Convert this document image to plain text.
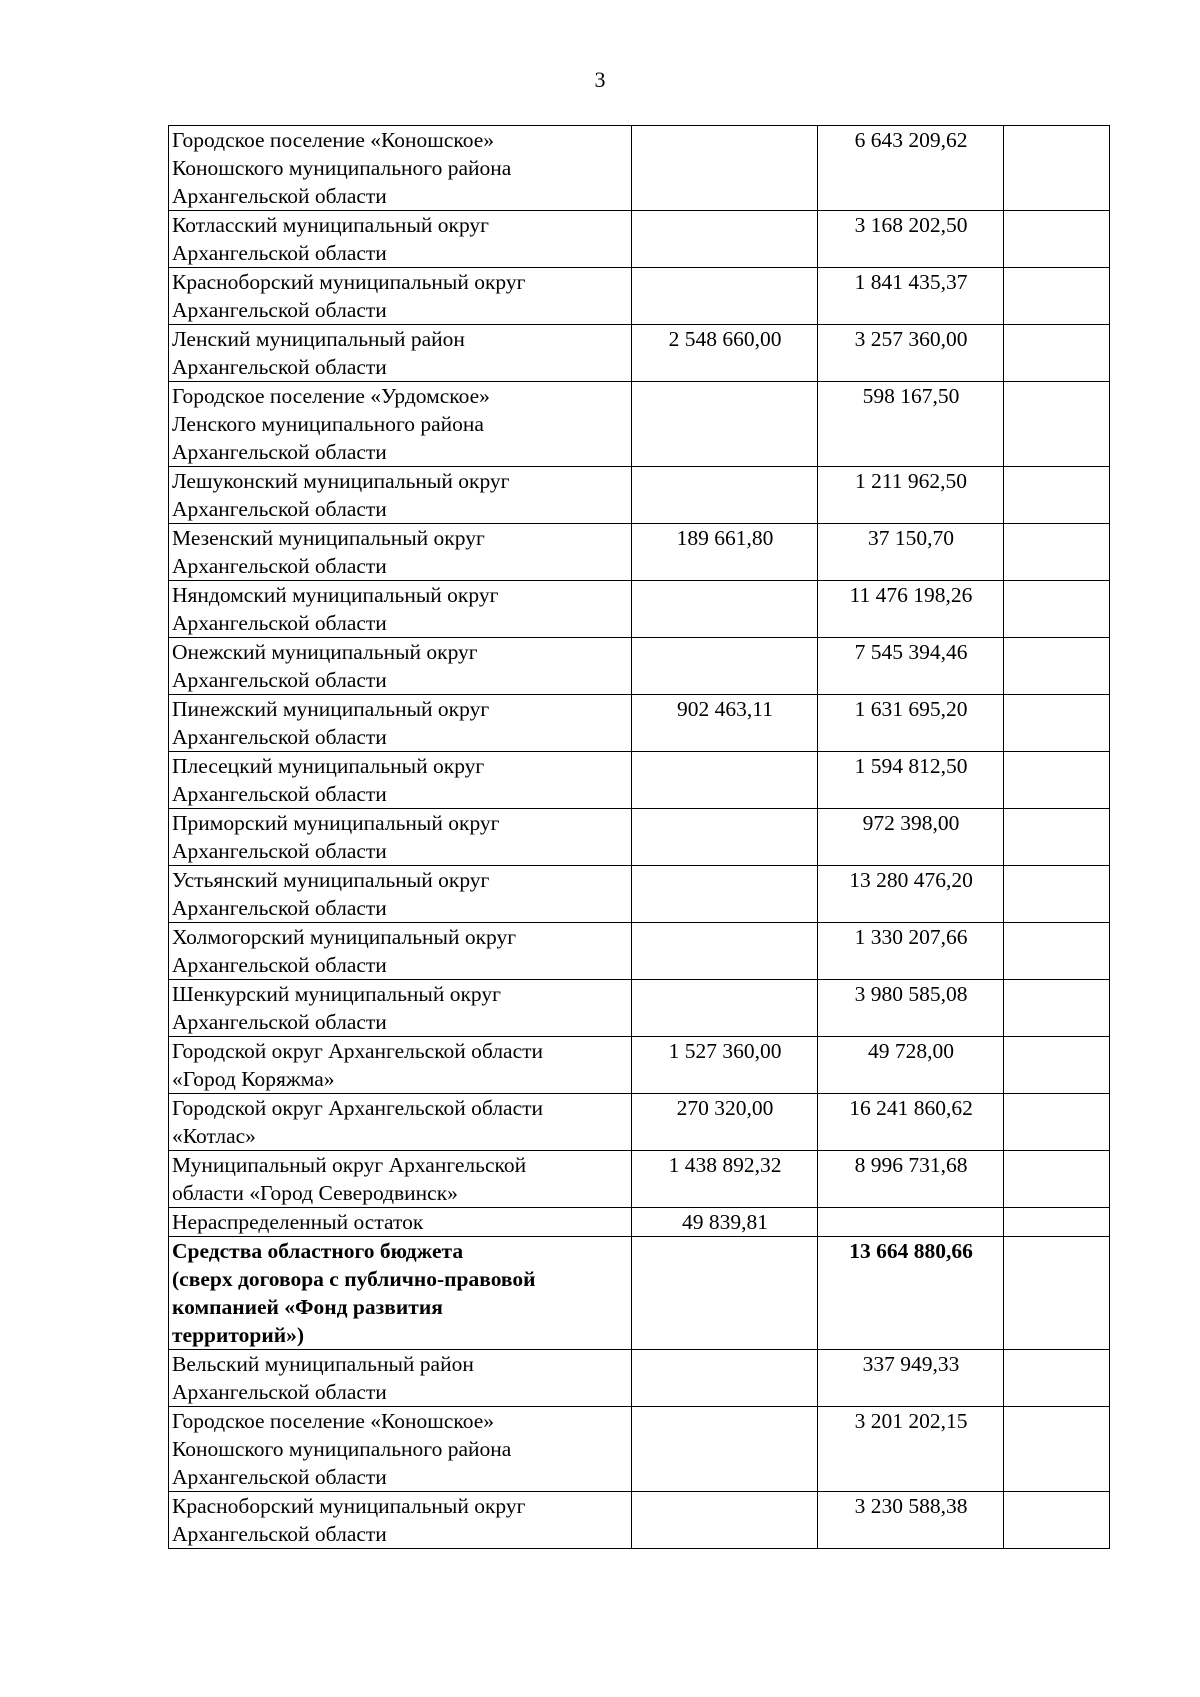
3
Городское поселение «Коношское»
Коношского муниципального района
Архангельской области		6 643 209,62	
Котласский муниципальный округ
Архангельской области		3 168 202,50	
Красноборский муниципальный округ
Архангельской области		1 841 435,37	
Ленский муниципальный район
Архангельской области	2 548 660,00	3 257 360,00	
Городское поселение «Урдомское»
Ленского муниципального района
Архангельской области		598 167,50	
Лешуконский муниципальный округ
Архангельской области		1 211 962,50	
Мезенский муниципальный округ
Архангельской области	189 661,80	37 150,70	
Няндомский муниципальный округ
Архангельской области		11 476 198,26	
Онежский муниципальный округ
Архангельской области		7 545 394,46	
Пинежский муниципальный округ
Архангельской области	902 463,11	1 631 695,20	
Плесецкий муниципальный округ
Архангельской области		1 594 812,50	
Приморский муниципальный округ
Архангельской области		972 398,00	
Устьянский муниципальный округ
Архангельской области		13 280 476,20	
Холмогорский муниципальный округ
Архангельской области		1 330 207,66	
Шенкурский муниципальный округ
Архангельской области		3 980 585,08	
Городской округ Архангельской области
«Город Коряжма»	1 527 360,00	49 728,00	
Городской округ Архангельской области
«Котлас»	270 320,00	16 241 860,62	
Муниципальный округ Архангельской
области «Город Северодвинск»	1 438 892,32	8 996 731,68	
Нераспределенный остаток	49 839,81		
Средства областного бюджета
(сверх договора с публично-правовой
компанией «Фонд развития
территорий»)		13 664 880,66	
Вельский муниципальный район
Архангельской области		337 949,33	
Городское поселение «Коношское»
Коношского муниципального района
Архангельской области		3 201 202,15	
Красноборский муниципальный округ
Архангельской области		3 230 588,38	
